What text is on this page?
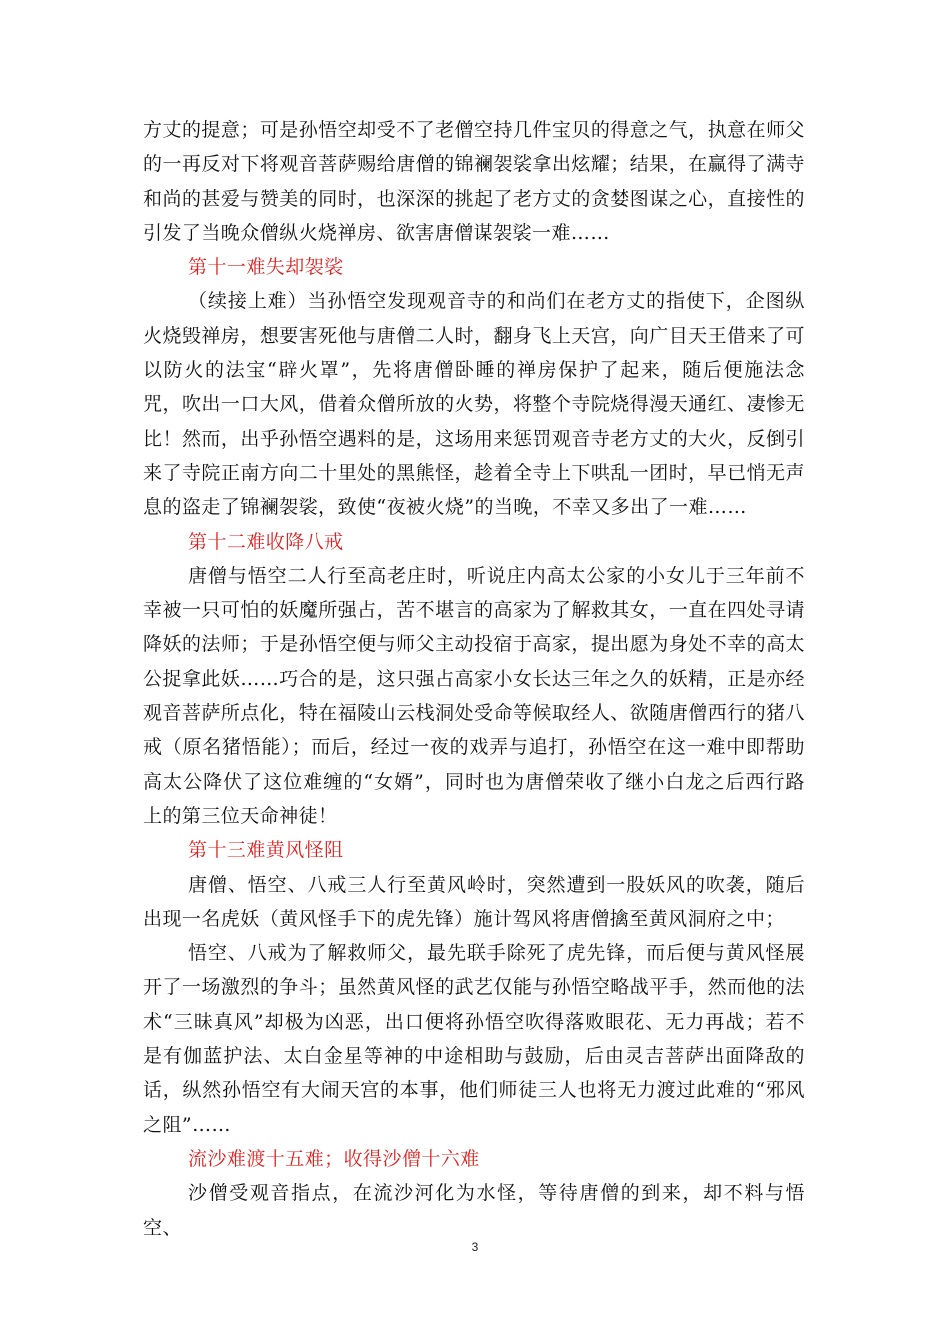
方丈的提意；可是孙悟空却受不了老僧空持几件宝贝的得意之气，执意在师父的一再反对下将观音菩萨赐给唐僧的锦襕袈裟拿出炫耀；结果，在赢得了满寺和尚的甚爱与赞美的同时，也深深的挑起了老方丈的贪婪图谋之心，直接性的引发了当晚众僧纵火烧禅房、欲害唐僧谋袈裟一难……

第十一难失却袈裟

（续接上难）当孙悟空发现观音寺的和尚们在老方丈的指使下，企图纵火烧毁禅房，想要害死他与唐僧二人时，翻身飞上天宫，向广目天王借来了可以防火的法宝“辟火罩”，先将唐僧卧睡的禅房保护了起来，随后便施法念咒，吹出一口大风，借着众僧所放的火势，将整个寺院烧得漫天通红、凄惨无比！然而，出乎孙悟空遇料的是，这场用来惩罚观音寺老方丈的大火，反倒引来了寺院正南方向二十里处的黑熊怪，趁着全寺上下哄乱一团时，早已悄无声息的盗走了锦襕袈裟，致使“夜被火烧”的当晚，不幸又多出了一难……

第十二难收降八戒

唐僧与悟空二人行至高老庄时，听说庄内高太公家的小女儿于三年前不幸被一只可怕的妖魔所强占，苦不堪言的高家为了解救其女，一直在四处寻请降妖的法师；于是孙悟空便与师父主动投宿于高家，提出愿为身处不幸的高太公捉拿此妖……巧合的是，这只强占高家小女长达三年之久的妖精，正是亦经观音菩萨所点化，特在福陵山云栈洞处受命等候取经人、欲随唐僧西行的猪八戒（原名猪悟能）；而后，经过一夜的戏弄与追打，孙悟空在这一难中即帮助高太公降伏了这位难缠的“女婿”，同时也为唐僧荣收了继小白龙之后西行路上的第三位天命神徒！

第十三难黄风怪阻

唐僧、悟空、八戒三人行至黄风岭时，突然遭到一股妖风的吹袭，随后出现一名虎妖（黄风怪手下的虎先锋）施计驾风将唐僧擒至黄风洞府之中；

悟空、八戒为了解救师父，最先联手除死了虎先锋，而后便与黄风怪展开了一场激烈的争斗；虽然黄风怪的武艺仅能与孙悟空略战平手，然而他的法术“三昧真风”却极为凶恶，出口便将孙悟空吹得落败眼花、无力再战；若不是有伽蓝护法、太白金星等神的中途相助与鼓励，后由灵吉菩萨出面降敌的话，纵然孙悟空有大闹天宫的本事，他们师徒三人也将无力渡过此难的“邪风之阻”……

流沙难渡十五难；收得沙僧十六难

沙僧受观音指点，在流沙河化为水怪，等待唐僧的到来，却不料与悟空、

3
